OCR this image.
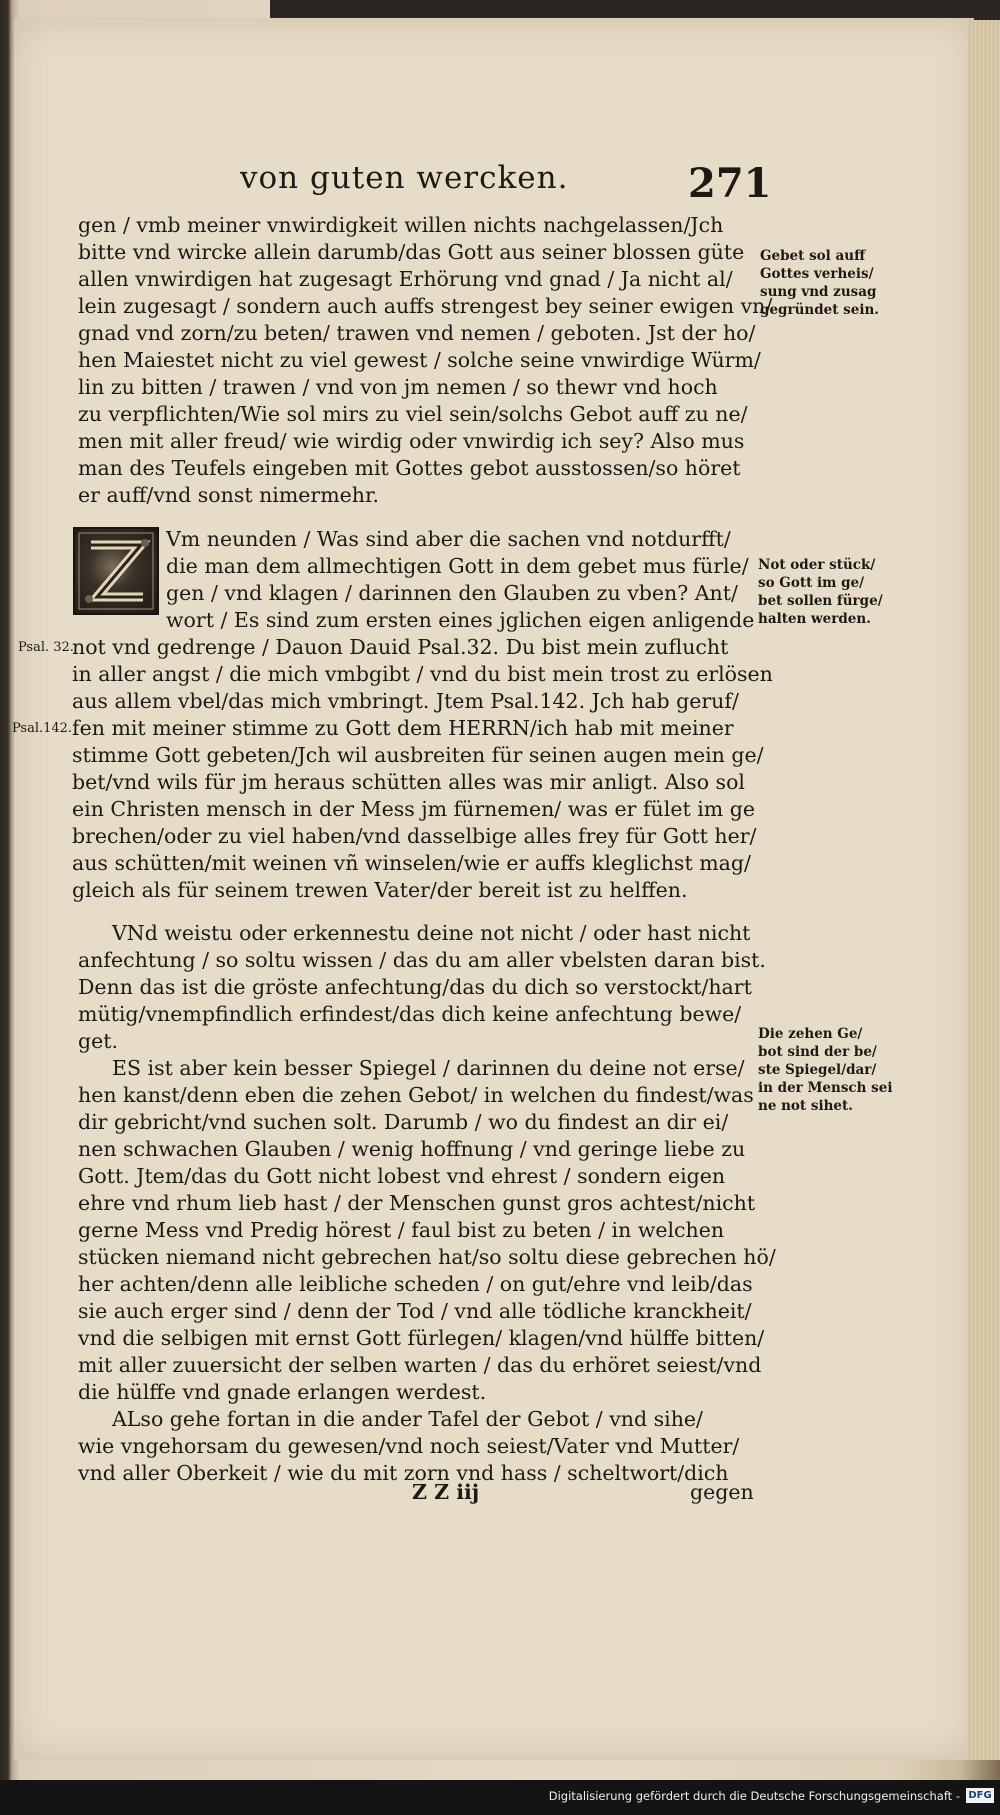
von guten wercken.	271
gen / vmb meiner vnwirdigkeit willen nichts nachgelassen/Jch
bitte vnd wircke allein darumb/das Gott aus seiner blossen güte
allen vnwirdigen hat zugesagt Erhörung vnd gnad / Ja nicht al/
lein zugesagt / sondern auch auffs strengest bey seiner ewigen vn/
gnad vnd zorn/zu beten/ trawen vnd nemen / geboten. Jst der ho/
hen Maiestet nicht zu viel gewest / solche seine vnwirdige Würm/
lin zu bitten / trawen / vnd von jm nemen / so thewr vnd hoch
zu verpflichten/Wie sol mirs zu viel sein/solchs Gebot auff zu ne/
men mit aller freud/ wie wirdig oder vnwirdig ich sey? Also mus
man des Teufels eingeben mit Gottes gebot ausstossen/so höret
er auff/vnd sonst nimermehr.
Vm neunden / Was sind aber die sachen vnd notdurfft/
die man dem allmechtigen Gott in dem gebet mus fürle/
gen / vnd klagen / darinnen den Glauben zu vben? Ant/
wort / Es sind zum ersten eines jglichen eigen anligende
not vnd gedrenge / Dauon Dauid Psal.32. Du bist mein zuflucht
in aller angst / die mich vmbgibt / vnd du bist mein trost zu erlösen
aus allem vbel/das mich vmbringt. Jtem Psal.142. Jch hab geruf/
fen mit meiner stimme zu Gott dem HERRN/ich hab mit meiner
stimme Gott gebeten/Jch wil ausbreiten für seinen augen mein ge/
bet/vnd wils für jm heraus schütten alles was mir anligt. Also sol
ein Christen mensch in der Mess jm fürnemen/ was er fület im ge
brechen/oder zu viel haben/vnd dasselbige alles frey für Gott her/
aus schütten/mit weinen vñ winselen/wie er auffs kleglichst mag/
gleich als für seinem trewen Vater/der bereit ist zu helffen.
VNd weistu oder erkennestu deine not nicht / oder hast nicht
anfechtung / so soltu wissen / das du am aller vbelsten daran bist.
Denn das ist die gröste anfechtung/das du dich so verstockt/hart
mütig/vnempfindlich erfindest/das dich keine anfechtung bewe/
get.
ES ist aber kein besser Spiegel / darinnen du deine not erse/
hen kanst/denn eben die zehen Gebot/ in welchen du findest/was
dir gebricht/vnd suchen solt. Darumb / wo du findest an dir ei/
nen schwachen Glauben / wenig hoffnung / vnd geringe liebe zu
Gott. Jtem/das du Gott nicht lobest vnd ehrest / sondern eigen
ehre vnd rhum lieb hast / der Menschen gunst gros achtest/nicht
gerne Mess vnd Predig hörest / faul bist zu beten / in welchen
stücken niemand nicht gebrechen hat/so soltu diese gebrechen hö/
her achten/denn alle leibliche scheden / on gut/ehre vnd leib/das
sie auch erger sind / denn der Tod / vnd alle tödliche kranckheit/
vnd die selbigen mit ernst Gott fürlegen/ klagen/vnd hülffe bitten/
mit aller zuuersicht der selben warten / das du erhöret seiest/vnd
die hülffe vnd gnade erlangen werdest.
ALso gehe fortan in die ander Tafel der Gebot / vnd sihe/
wie vngehorsam du gewesen/vnd noch seiest/Vater vnd Mutter/
vnd aller Oberkeit / wie du mit zorn vnd hass / scheltwort/dich
Z Z iij	gegen
Gebet sol auff
Gottes verheis/
sung vnd zusag
gegründet sein.
Not oder stück/
so Gott im ge/
bet sollen fürge/
halten werden.
Die zehen Ge/
bot sind der be/
ste Spiegel/dar/
in der Mensch sei
ne not sihet.
Psal. 32.
Psal.142.
Digitalisierung gefördert durch die Deutsche Forschungsgemeinschaft - DFG
